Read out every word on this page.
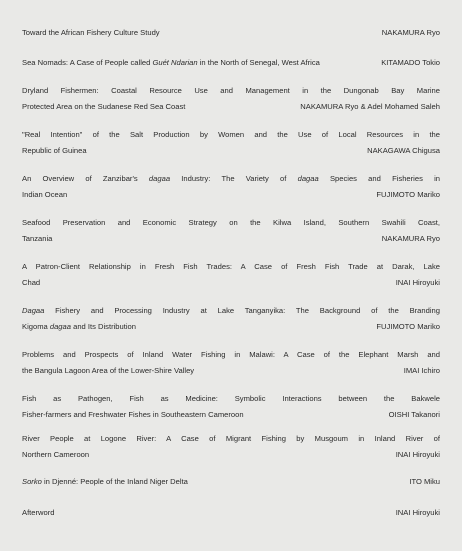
Toward the African Fishery Culture Study	NAKAMURA Ryo
Sea Nomads: A Case of People called Guét Ndarian in the North of Senegal, West Africa	KITAMADO Tokio
Dryland Fishermen: Coastal Resource Use and Management in the Dungonab Bay Marine
Protected Area on the Sudanese Red Sea Coast	NAKAMURA Ryo & Adel Mohamed Saleh
"Real Intention" of the Salt Production by Women and the Use of Local Resources in the
Republic of Guinea	NAKAGAWA Chigusa
An Overview of Zanzibar's dagaa Industry: The Variety of dagaa Species and Fisheries in
Indian Ocean	FUJIMOTO Mariko
Seafood Preservation and Economic Strategy on the Kilwa Island, Southern Swahili Coast,
Tanzania	NAKAMURA Ryo
A Patron-Client Relationship in Fresh Fish Trades: A Case of Fresh Fish Trade at Darak, Lake
Chad	INAI Hiroyuki
Dagaa Fishery and Processing Industry at Lake Tanganyika: The Background of the Branding
Kigoma dagaa and Its Distribution	FUJIMOTO Mariko
Problems and Prospects of Inland Water Fishing in Malawi: A Case of the Elephant Marsh and
the Bangula Lagoon Area of the Lower-Shire Valley	IMAI Ichiro
Fish as Pathogen, Fish as Medicine: Symbolic Interactions between the Bakwele
Fisher-farmers and Freshwater Fishes in Southeastern Cameroon	OISHI Takanori
River People at Logone River: A Case of Migrant Fishing by Musgoum in Inland River of
Northern Cameroon	INAI Hiroyuki
Sorko in Djenné: People of the Inland Niger Delta	ITO Miku
Afterword	INAI Hiroyuki
